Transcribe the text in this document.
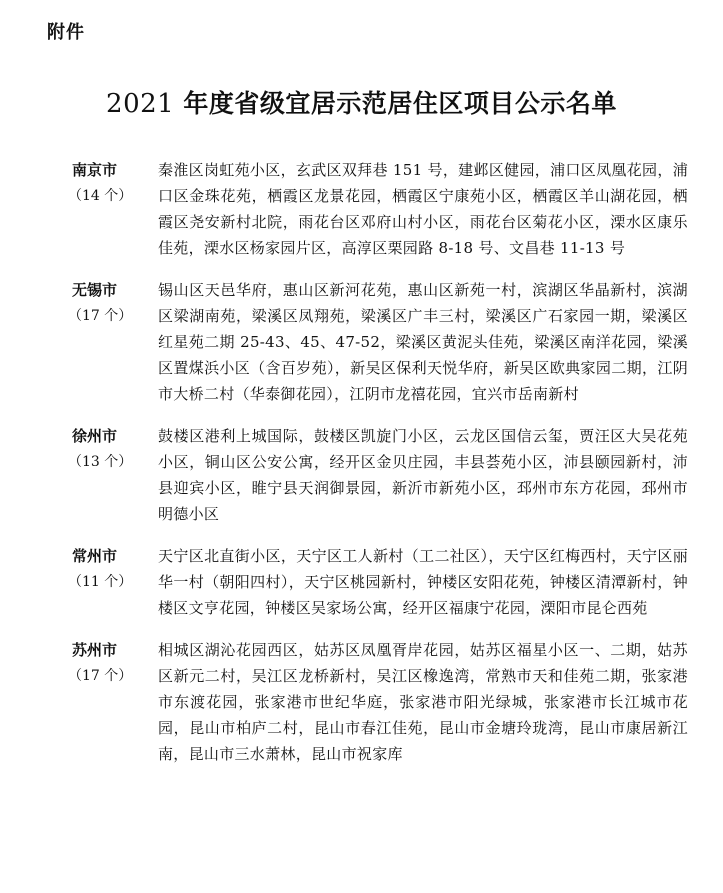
附件
2021 年度省级宜居示范居住区项目公示名单
南京市
（14 个）
秦淮区岗虹苑小区，玄武区双拜巷 151 号，建邺区健园，浦口区凤凰花园，浦口区金珠花苑，栖霞区龙景花园，栖霞区宁康苑小区，栖霞区羊山湖花园，栖霞区尧安新村北院，雨花台区邓府山村小区，雨花台区菊花小区，溧水区康乐佳苑，溧水区杨家园片区，高淳区栗园路 8-18 号、文昌巷 11-13 号
无锡市
（17 个）
锡山区天邑华府，惠山区新河花苑，惠山区新苑一村，滨湖区华晶新村，滨湖区梁湖南苑，梁溪区凤翔苑，梁溪区广丰三村，梁溪区广石家园一期，梁溪区红星苑二期 25-43、45、47-52，梁溪区黄泥头佳苑，梁溪区南洋花园，梁溪区置煤浜小区（含百岁苑），新吴区保利天悦华府，新吴区欧典家园二期，江阴市大桥二村（华泰御花园），江阴市龙禧花园，宜兴市岳南新村
徐州市
（13 个）
鼓楼区港利上城国际，鼓楼区凯旋门小区，云龙区国信云玺，贾汪区大吴花苑小区，铜山区公安公寓，经开区金贝庄园，丰县荟苑小区，沛县颐园新村，沛县迎宾小区，睢宁县天润御景园，新沂市新苑小区，邳州市东方花园，邳州市明德小区
常州市
（11 个）
天宁区北直街小区，天宁区工人新村（工二社区），天宁区红梅西村，天宁区丽华一村（朝阳四村），天宁区桃园新村，钟楼区安阳花苑，钟楼区清潭新村，钟楼区文亨花园，钟楼区吴家场公寓，经开区福康宁花园，溧阳市昆仑西苑
苏州市
（17 个）
相城区湖沁花园西区，姑苏区凤凰胥岸花园，姑苏区福星小区一、二期，姑苏区新元二村，吴江区龙桥新村，吴江区橡逸湾，常熟市天和佳苑二期，张家港市东渡花园，张家港市世纪华庭，张家港市阳光绿城，张家港市长江城市花园，昆山市柏庐二村，昆山市春江佳苑，昆山市金塘玲珑湾，昆山市康居新江南，昆山市三水萧林，昆山市祝家库
